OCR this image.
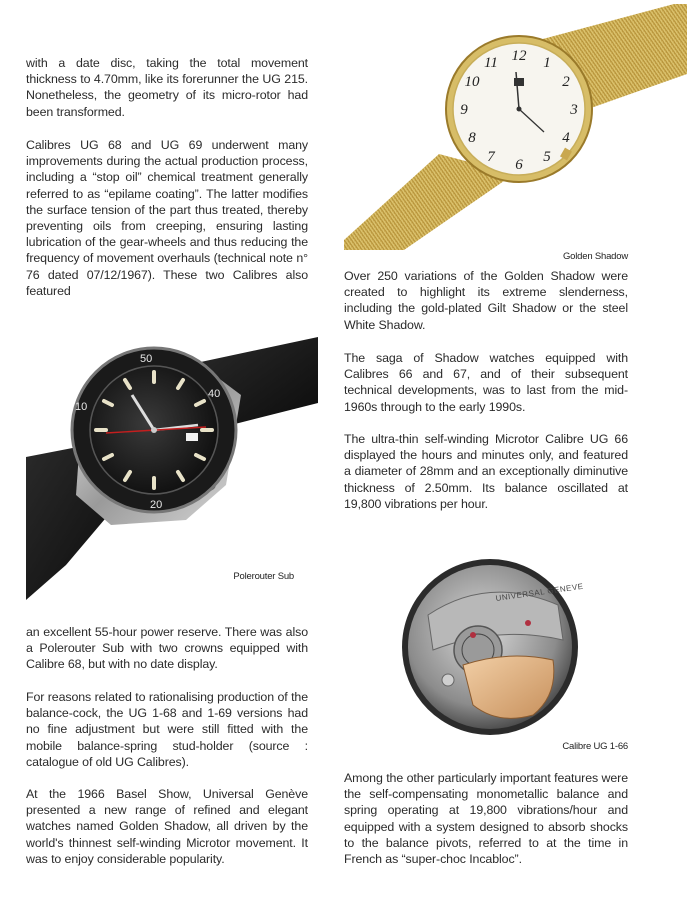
with a date disc, taking the total movement thickness to 4.70mm, like its forerunner the UG 215. Nonetheless, the geometry of its micro-rotor had been transformed.

Calibres UG 68 and UG 69 underwent many improvements during the actual production process, including a “stop oil” chemical treatment generally referred to as “epilame coating”. The latter modifies the surface tension of the part thus treated, thereby preventing oils from creeping, ensuring lasting lubrication of the gear-wheels and thus reducing the frequency of movement overhauls (technical note n° 76 dated 07/12/1967). These two Calibres also featured

50
10
20
40

Polerouter Sub

an excellent 55-hour power reserve. There was also a Polerouter Sub with two crowns equipped with Calibre 68, but with no date display.

For reasons related to rationalising production of the balance-cock, the UG 1-68 and 1-69 versions had no fine adjustment but were still fitted with the mobile balance-spring stud-holder (source : catalogue of old UG Calibres).

At the 1966 Basel Show, Universal Genève presented a new range of refined and elegant watches named Golden Shadow, all driven by the world's thinnest self-winding Microtor movement. It was to enjoy considerable popularity.

12 1
2
3
4
5
6
7
8
9
10
11

Golden Shadow

Over 250 variations of the Golden Shadow were created to highlight its extreme slenderness, including the gold-plated Gilt Shadow or the steel White Shadow.

The saga of Shadow watches equipped with Calibres 66 and 67, and of their subsequent technical developments, was to last from the mid-1960s through to the early 1990s.

The ultra-thin self-winding Microtor Calibre UG 66 displayed the hours and minutes only, and featured a diameter of 28mm and an exceptionally diminutive thickness of 2.50mm. Its balance oscillated at 19,800 vibrations per hour.

UNIVERSAL GENEVE

Calibre UG 1-66

Among the other particularly important features were the self-compensating monometallic balance and spring operating at 19,800 vibrations/hour and equipped with a system designed to absorb shocks to the balance pivots, referred to at the time in French as “super-choc Incabloc”.
